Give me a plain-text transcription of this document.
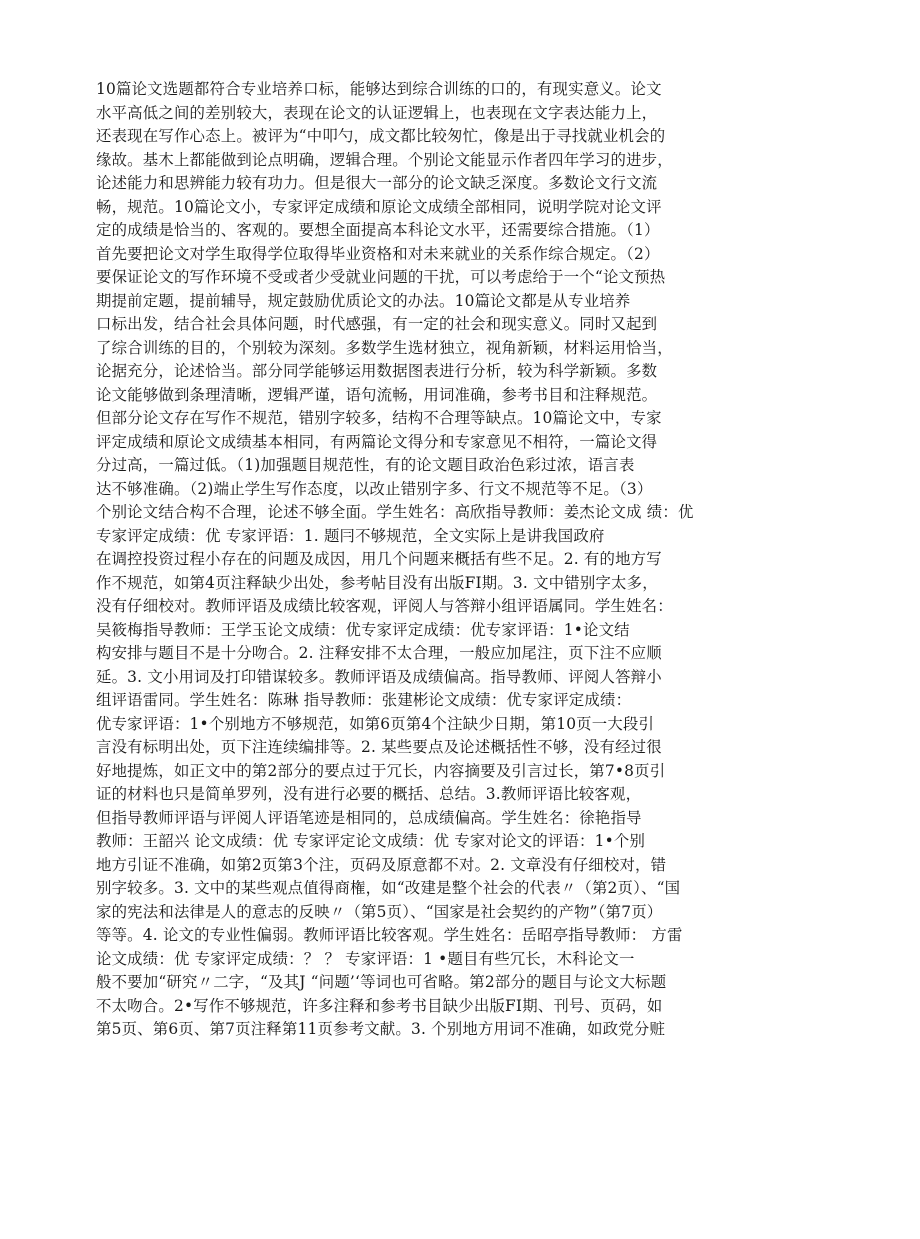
10篇论文选题都符合专业培养口标，能够达到综合训练的口的，有现实意义。论文
水平高低之间的差别较大，表现在论文的认证逻辑上，也表现在文字表达能力上，
还表现在写作心态上。被评为“中叩勺，成文都比较匆忙，像是出于寻找就业机会的
缘故。基木上都能做到论点明确，逻辑合理。个别论文能显示作者四年学习的进步，
论述能力和思辨能力较有功力。但是很大一部分的论文缺乏深度。多数论文行文流
畅，规范。10篇论文小，专家评定成绩和原论文成绩全部相同，说明学院对论文评
定的成绩是恰当的、客观的。要想全面提高本科论文水平，还需要综合措施。（1）
首先要把论文对学生取得学位取得毕业资格和对未来就业的关系作综合规定。（2）
要保证论文的写作环境不受或者少受就业问题的干扰，可以考虑给于一个“论文预热
期提前定题，提前辅导，规定鼓励优质论文的办法。10篇论文都是从专业培养
口标出发，结合社会具体问题，时代感强，有一定的社会和现实意义。同时又起到
了综合训练的目的，个别较为深刻。多数学生选材独立，视角新颖，材料运用恰当，
论据充分，论述恰当。部分同学能够运用数据图表进行分析，较为科学新颖。多数
论文能够做到条理清晰，逻辑严谨，语句流畅，用词准确，参考书目和注释规范。
但部分论文存在写作不规范，错别字较多，结构不合理等缺点。10篇论文中，专家
评定成绩和原论文成绩基本相同，有两篇论文得分和专家意见不相符，一篇论文得
分过高，一篇过低。（1)加强题目规范性，有的论文题目政治色彩过浓，语言表
达不够准确。（2)端止学生写作态度，以改止错别字多、行文不规范等不足。（3）
个别论文结合构不合理，论述不够全面。学生姓名：高欣指导教师：姜杰论文成 绩：优
专家评定成绩：优 专家评语：1. 题冃不够规范，全文实际上是讲我国政府
在调控投资过程小存在的问题及成因，用几个问题来概括有些不足。2. 有的地方写
作不规范，如第4页注释缺少出处，参考帖目没有出版FI期。3. 文中错别字太多，
没有仔细校对。教师评语及成绩比较客观，评阅人与答辩小组评语属同。学生姓名：
吴筱梅指导教师：王学玉论文成绩：优专家评定成绩：优专家评语：1•论文结
构安排与题目不是十分吻合。2. 注释安排不太合理，一般应加尾注，页下注不应顺
延。3. 文小用词及打印错谋较多。教师评语及成绩偏高。指导教师、评阅人答辩小
组评语雷同。学生姓名：陈琳 指导教师：张建彬论文成绩：优专家评定成绩：
优专家评语：1•个别地方不够规范，如第6页第4个注缺少日期，第10页一大段引
言没有标明出处，页下注连续编排等。2. 某些要点及论述概括性不够，没有经过很
好地提炼，如正文中的第2部分的要点过于冗长，内容摘要及引言过长，第7•8页引
证的材料也只是简单罗列，没有进行必要的概括、总结。3.教师评语比较客观，
但指导教师评语与评阅人评语笔迹是相同的，总成绩偏高。学生姓名：徐艳指导
教师：王韶兴 论文成绩：优 专家评定论文成绩：优 专家对论文的评语：1•个别
地方引证不准确，如第2页第3个注，页码及原意都不对。2. 文章没有仔细校对，错
别字较多。3. 文中的某些观点值得商権，如“改建是整个社会的代表〃（第2页）、“国
家的宪法和法律是人的意志的反映〃（第5页）、“国家是社会契约的产物”（第7页）
等等。4. 论文的专业性偏弱。教师评语比较客观。学生姓名：岳昭亭指导教师： 方雷
论文成绩：优 专家评定成绩：？ ？ 专家评语：1 •题目有些冗长，木科论文一
般不要加“研究〃二字，“及其J “问题’‘等词也可省略。第2部分的题目与论文大标题
不太吻合。2•写作不够规范，许多注释和参考书目缺少出版FI期、刊号、页码，如
第5页、第6页、第7页注释第11页参考文献。3. 个别地方用词不准确，如政党分赃
